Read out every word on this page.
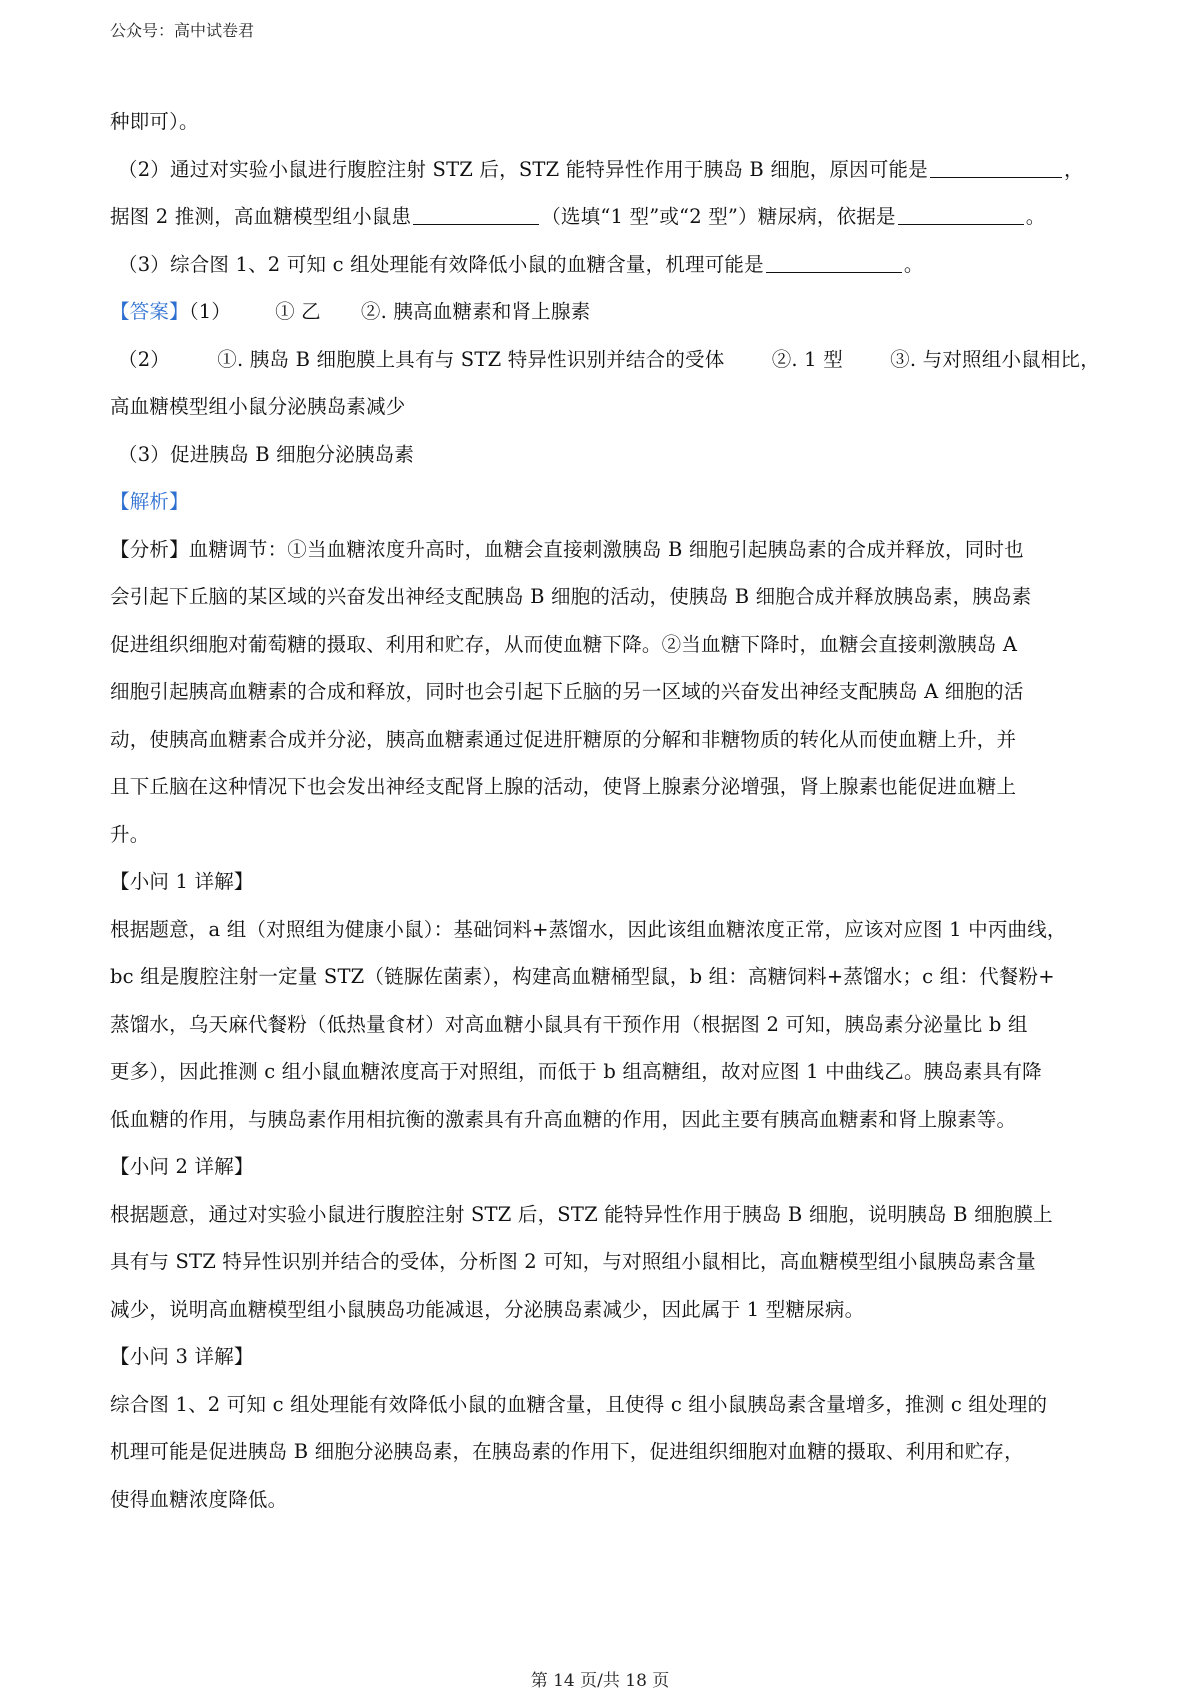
公众号：高中试卷君
种即可）。
（2）通过对实验小鼠进行腹腔注射 STZ 后，STZ 能特异性作用于胰岛 B 细胞，原因可能是	，
据图 2 推测，高血糖模型组小鼠患	（选填“1 型”或“2 型”）糖尿病，依据是	。
（3）综合图 1、2 可知 c 组处理能有效降低小鼠的血糖含量，机理可能是	。
【答案】（1） ① 乙 ②. 胰高血糖素和肾上腺素
（2） ①. 胰岛 B 细胞膜上具有与 STZ 特异性识别并结合的受体 ②. 1 型 ③. 与对照组小鼠相比，
高血糖模型组小鼠分泌胰岛素减少
（3）促进胰岛 B 细胞分泌胰岛素
【解析】
【分析】血糖调节：①当血糖浓度升高时，血糖会直接刺激胰岛 B 细胞引起胰岛素的合成并释放，同时也
会引起下丘脑的某区域的兴奋发出神经支配胰岛 B 细胞的活动，使胰岛 B 细胞合成并释放胰岛素，胰岛素
促进组织细胞对葡萄糖的摄取、利用和贮存，从而使血糖下降。②当血糖下降时，血糖会直接刺激胰岛 A
细胞引起胰高血糖素的合成和释放，同时也会引起下丘脑的另一区域的兴奋发出神经支配胰岛 A 细胞的活
动，使胰高血糖素合成并分泌，胰高血糖素通过促进肝糖原的分解和非糖物质的转化从而使血糖上升，并
且下丘脑在这种情况下也会发出神经支配肾上腺的活动，使肾上腺素分泌增强，肾上腺素也能促进血糖上
升。
【小问 1 详解】
根据题意，a 组（对照组为健康小鼠）：基础饲料+蒸馏水，因此该组血糖浓度正常，应该对应图 1 中丙曲线，
bc 组是腹腔注射一定量 STZ（链脲佐菌素），构建高血糖桶型鼠，b 组：高糖饲料+蒸馏水；c 组：代餐粉+
蒸馏水，乌天麻代餐粉（低热量食材）对高血糖小鼠具有干预作用（根据图 2 可知，胰岛素分泌量比 b 组
更多），因此推测 c 组小鼠血糖浓度高于对照组，而低于 b 组高糖组，故对应图 1 中曲线乙。胰岛素具有降
低血糖的作用，与胰岛素作用相抗衡的激素具有升高血糖的作用，因此主要有胰高血糖素和肾上腺素等。
【小问 2 详解】
根据题意，通过对实验小鼠进行腹腔注射 STZ 后，STZ 能特异性作用于胰岛 B 细胞，说明胰岛 B 细胞膜上
具有与 STZ 特异性识别并结合的受体，分析图 2 可知，与对照组小鼠相比，高血糖模型组小鼠胰岛素含量
减少，说明高血糖模型组小鼠胰岛功能减退，分泌胰岛素减少，因此属于 1 型糖尿病。
【小问 3 详解】
综合图 1、2 可知 c 组处理能有效降低小鼠的血糖含量，且使得 c 组小鼠胰岛素含量增多，推测 c 组处理的
机理可能是促进胰岛 B 细胞分泌胰岛素，在胰岛素的作用下，促进组织细胞对血糖的摄取、利用和贮存，
使得血糖浓度降低。
第 14 页/共 18 页
